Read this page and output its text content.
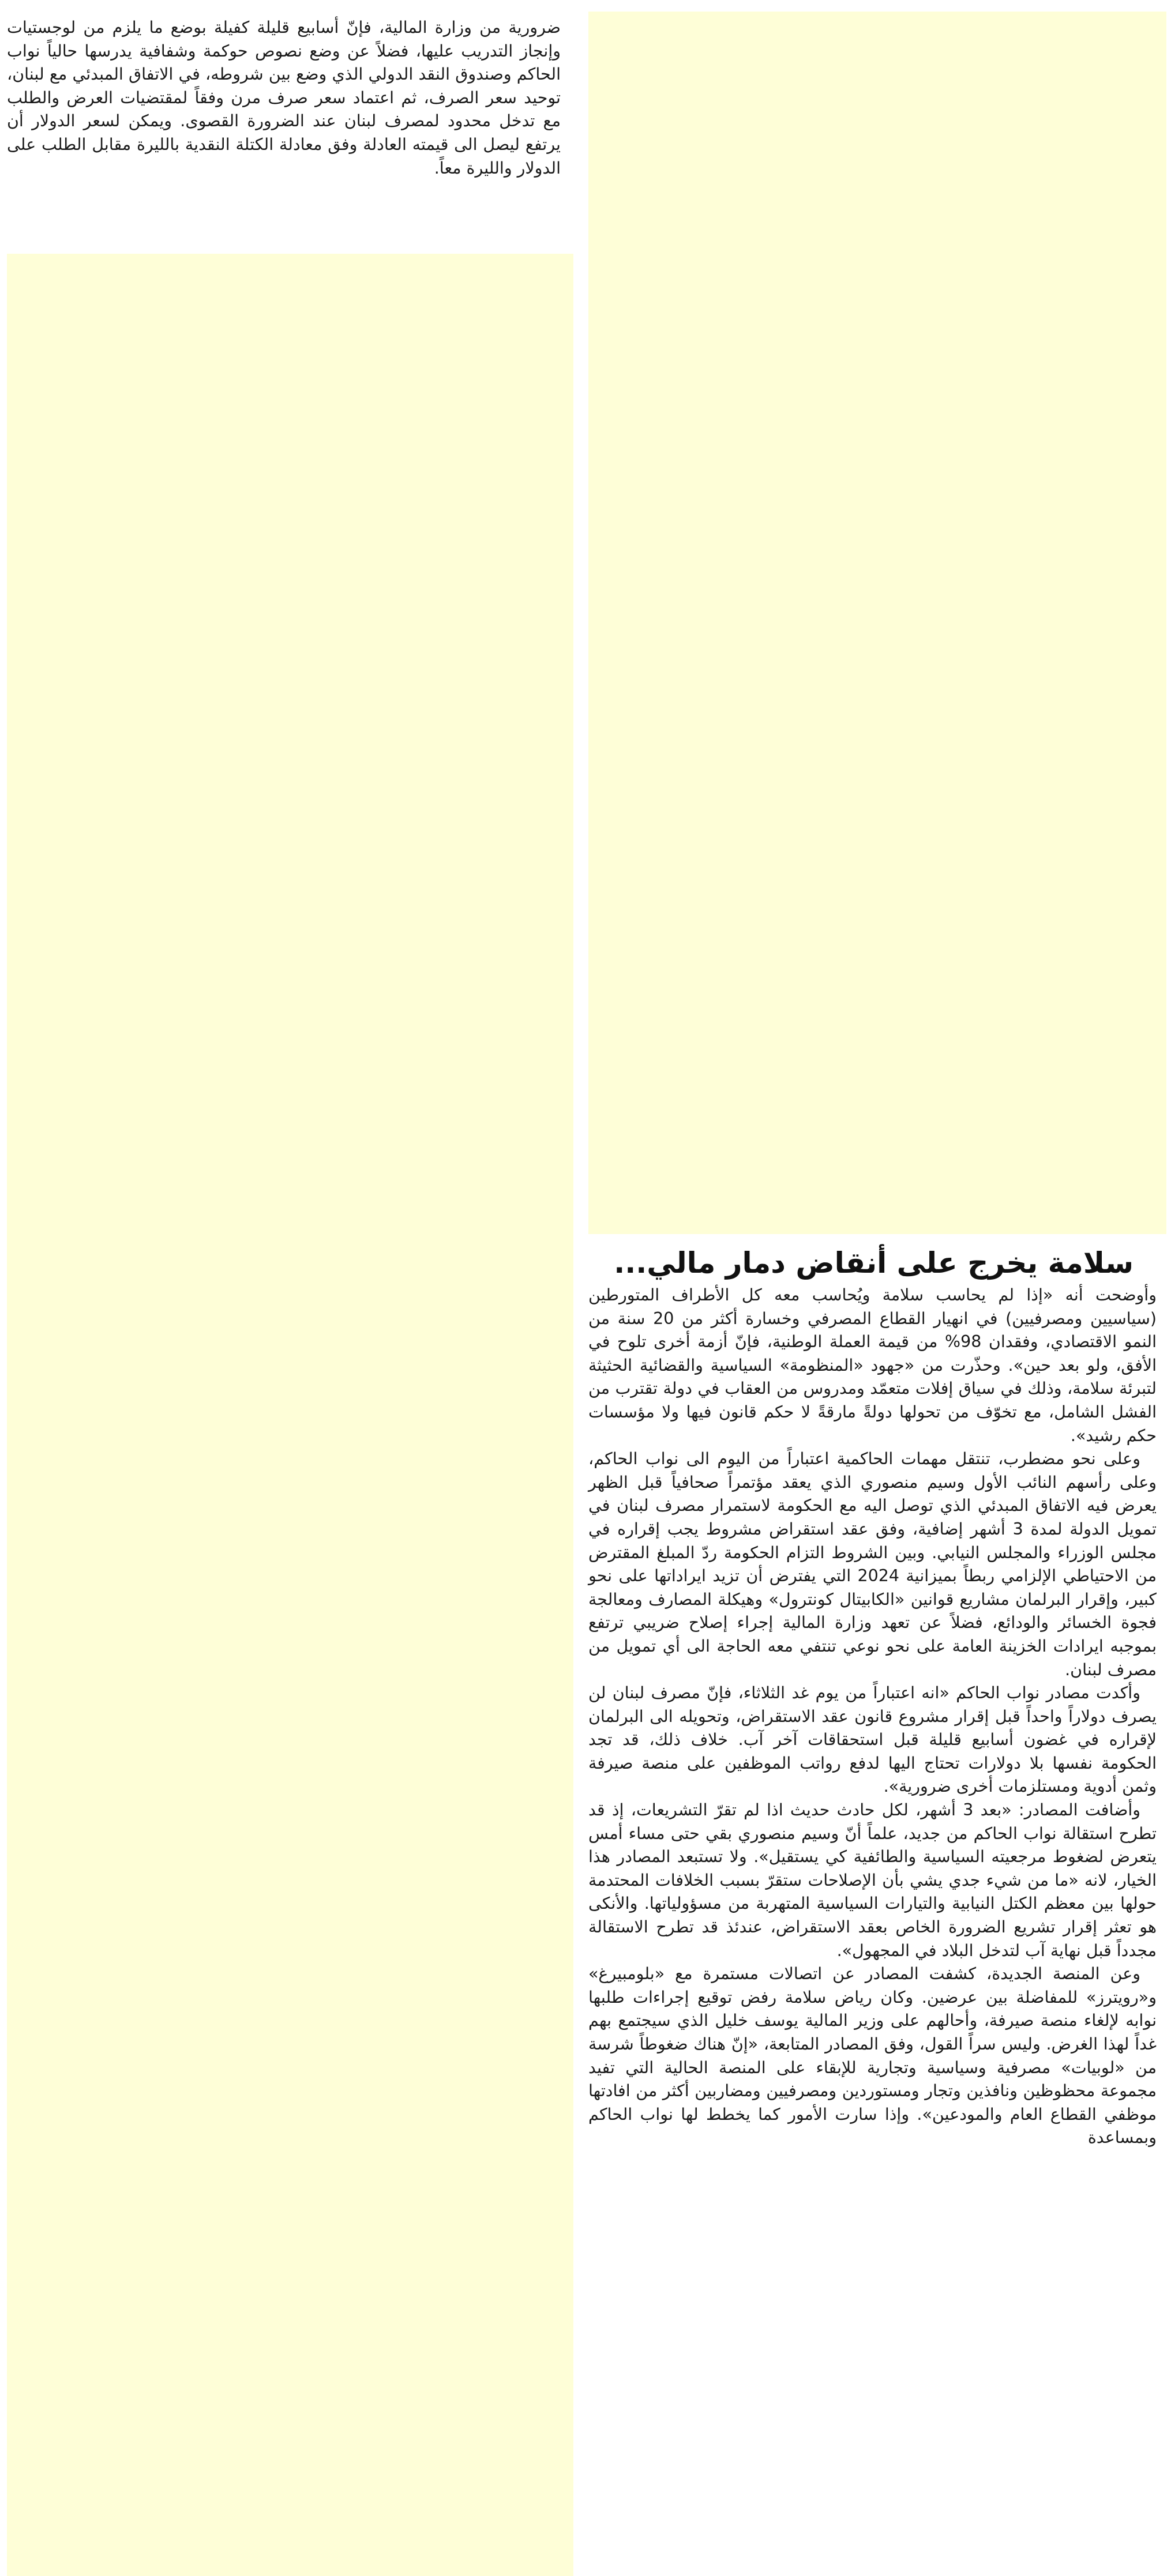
ضرورية من وزارة المالية، فإنّ أسابيع قليلة كفيلة بوضع ما يلزم من لوجستيات وإنجاز التدريب عليها، فضلاً عن وضع نصوص حوكمة وشفافية يدرسها حالياً نواب الحاكم وصندوق النقد الدولي الذي وضع بين شروطه، في الاتفاق المبدئي مع لبنان، توحيد سعر الصرف، ثم اعتماد سعر صرف مرن وفقاً لمقتضيات العرض والطلب مع تدخل محدود لمصرف لبنان عند الضرورة القصوى. ويمكن لسعر الدولار أن يرتفع ليصل الى قيمته العادلة وفق معادلة الكتلة النقدية بالليرة مقابل الطلب على الدولار والليرة معاً.

سلامة يخرج على أنقاض دمار مالي...
وأوضحت أنه «إذا لم يحاسب سلامة ويُحاسب معه كل الأطراف المتورطين (سياسيين ومصرفيين) في انهيار القطاع المصرفي وخسارة أكثر من 20 سنة من النمو الاقتصادي، وفقدان 98% من قيمة العملة الوطنية، فإنّ أزمة أخرى تلوح في الأفق، ولو بعد حين». وحذّرت من «جهود «المنظومة» السياسية والقضائية الحثيثة لتبرئة سلامة، وذلك في سياق إفلات متعمّد ومدروس من العقاب في دولة تقترب من الفشل الشامل، مع تخوّف من تحولها دولةً مارقةً لا حكم قانون فيها ولا مؤسسات حكم رشيد».
وعلى نحو مضطرب، تنتقل مهمات الحاكمية اعتباراً من اليوم الى نواب الحاكم، وعلى رأسهم النائب الأول وسيم منصوري الذي يعقد مؤتمراً صحافياً قبل الظهر يعرض فيه الاتفاق المبدئي الذي توصل اليه مع الحكومة لاستمرار مصرف لبنان في تمويل الدولة لمدة 3 أشهر إضافية، وفق عقد استقراض مشروط يجب إقراره في مجلس الوزراء والمجلس النيابي. وبين الشروط التزام الحكومة ردّ المبلغ المقترض من الاحتياطي الإلزامي ربطاً بميزانية 2024 التي يفترض أن تزيد ايراداتها على نحو كبير، وإقرار البرلمان مشاريع قوانين «الكابيتال كونترول» وهيكلة المصارف ومعالجة فجوة الخسائر والودائع، فضلاً عن تعهد وزارة المالية إجراء إصلاح ضريبي ترتفع بموجبه ايرادات الخزينة العامة على نحو نوعي تنتفي معه الحاجة الى أي تمويل من مصرف لبنان.
وأكدت مصادر نواب الحاكم «انه اعتباراً من يوم غد الثلاثاء، فإنّ مصرف لبنان لن يصرف دولاراً واحداً قبل إقرار مشروع قانون عقد الاستقراض، وتحويله الى البرلمان لإقراره في غضون أسابيع قليلة قبل استحقاقات آخر آب. خلاف ذلك، قد تجد الحكومة نفسها بلا دولارات تحتاج اليها لدفع رواتب الموظفين على منصة صيرفة وثمن أدوية ومستلزمات أخرى ضرورية».
وأضافت المصادر: «بعد 3 أشهر، لكل حادث حديث اذا لم تقرّ التشريعات، إذ قد تطرح استقالة نواب الحاكم من جديد، علماً أنّ وسيم منصوري بقي حتى مساء أمس يتعرض لضغوط مرجعيته السياسية والطائفية كي يستقيل». ولا تستبعد المصادر هذا الخيار، لانه «ما من شيء جدي يشي بأن الإصلاحات ستقرّ بسبب الخلافات المحتدمة حولها بين معظم الكتل النيابية والتيارات السياسية المتهربة من مسؤولياتها. والأنكى هو تعثر إقرار تشريع الضرورة الخاص بعقد الاستقراض، عندئذ قد تطرح الاستقالة مجدداً قبل نهاية آب لتدخل البلاد في المجهول».
وعن المنصة الجديدة، كشفت المصادر عن اتصالات مستمرة مع «بلومبيرغ» و«رويترز» للمفاضلة بين عرضين. وكان رياض سلامة رفض توقيع إجراءات طلبها نوابه لإلغاء منصة صيرفة، وأحالهم على وزير المالية يوسف خليل الذي سيجتمع بهم غداً لهذا الغرض. وليس سراً القول، وفق المصادر المتابعة، «إنّ هناك ضغوطاً شرسة من «لوبيات» مصرفية وسياسية وتجارية للإبقاء على المنصة الحالية التي تفيد مجموعة محظوظين ونافذين وتجار ومستوردين ومصرفيين ومضاربين أكثر من افادتها موظفي القطاع العام والمودعين». وإذا سارت الأمور كما يخطط لها نواب الحاكم وبمساعدة
